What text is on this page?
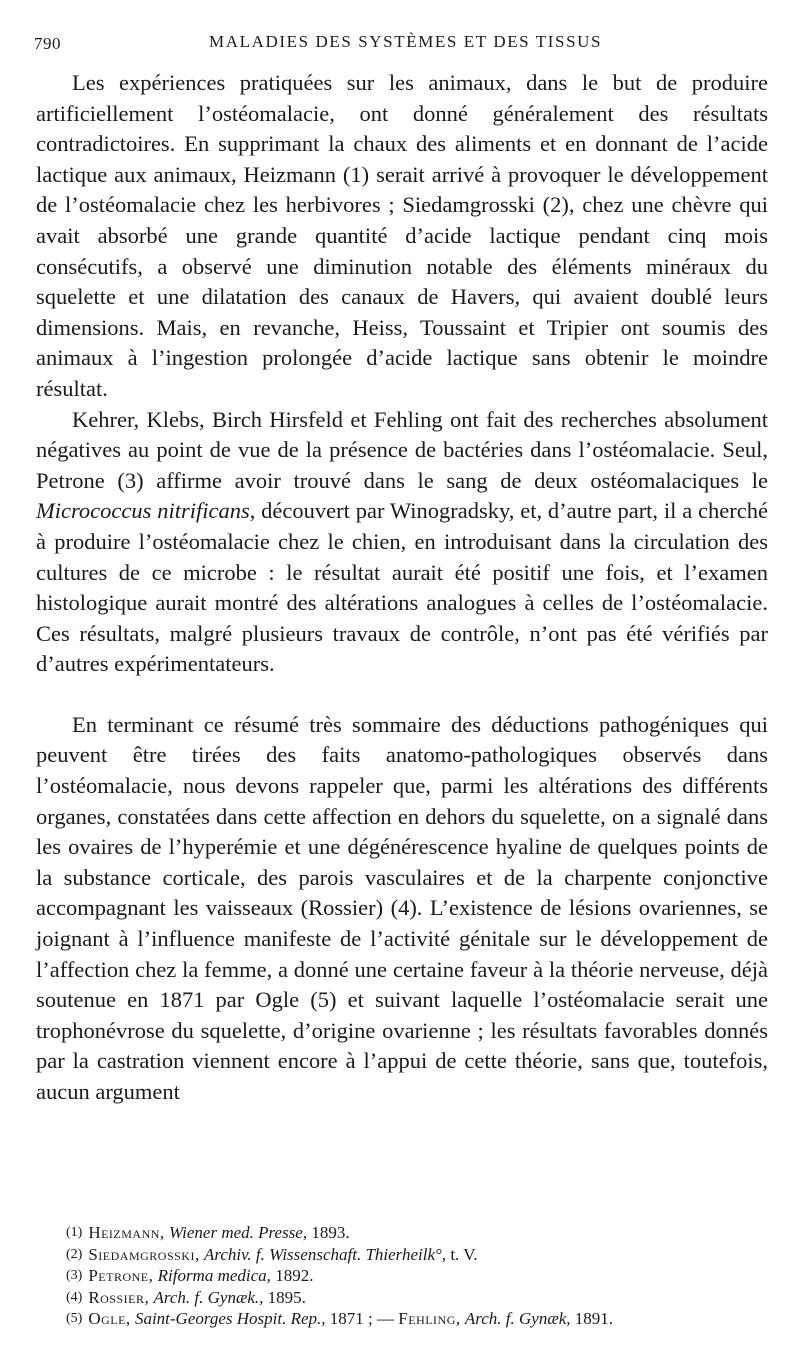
790	MALADIES DES SYSTÈMES ET DES TISSUS

Les expériences pratiquées sur les animaux, dans le but de produire artificiellement l’ostéomalacie, ont donné généralement des résultats contradictoires. En supprimant la chaux des aliments et en donnant de l’acide lactique aux animaux, Heizmann (1) serait arrivé à provoquer le développement de l’ostéomalacie chez les herbivores ; Siedamgrosski (2), chez une chèvre qui avait absorbé une grande quantité d’acide lactique pendant cinq mois consécutifs, a observé une diminution notable des éléments minéraux du squelette et une dilatation des canaux de Havers, qui avaient doublé leurs dimensions. Mais, en revanche, Heiss, Toussaint et Tripier ont soumis des animaux à l’ingestion prolongée d’acide lactique sans obtenir le moindre résultat.

Kehrer, Klebs, Birch Hirsfeld et Fehling ont fait des recherches absolument négatives au point de vue de la présence de bactéries dans l’ostéomalacie. Seul, Petrone (3) affirme avoir trouvé dans le sang de deux ostéomalaciques le Micrococcus nitrificans, découvert par Winogradsky, et, d’autre part, il a cherché à produire l’ostéomalacie chez le chien, en introduisant dans la circulation des cultures de ce microbe : le résultat aurait été positif une fois, et l’examen histologique aurait montré des altérations analogues à celles de l’ostéomalacie. Ces résultats, malgré plusieurs travaux de contrôle, n’ont pas été vérifiés par d’autres expérimentateurs.

En terminant ce résumé très sommaire des déductions pathogéniques qui peuvent être tirées des faits anatomo-pathologiques observés dans l’ostéomalacie, nous devons rappeler que, parmi les altérations des différents organes, constatées dans cette affection en dehors du squelette, on a signalé dans les ovaires de l’hyperémie et une dégénérescence hyaline de quelques points de la substance corticale, des parois vasculaires et de la charpente conjonctive accompagnant les vaisseaux (Rossier) (4). L’existence de lésions ovariennes, se joignant à l’influence manifeste de l’activité génitale sur le développement de l’affection chez la femme, a donné une certaine faveur à la théorie nerveuse, déjà soutenue en 1871 par Ogle (5) et suivant laquelle l’ostéomalacie serait une trophonévrose du squelette, d’origine ovarienne ; les résultats favorables donnés par la castration viennent encore à l’appui de cette théorie, sans que, toutefois, aucun argument

(1) Heizmann, Wiener med. Presse, 1893.
(2) Siedamgrosski, Archiv. f. Wissenschaft. Thierheilk°, t. V.
(3) Petrone, Riforma medica, 1892.
(4) Rossier, Arch. f. Gynæk., 1895.
(5) Ogle, Saint-Georges Hospit. Rep., 1871 ; — Fehling, Arch. f. Gynæk, 1891.
